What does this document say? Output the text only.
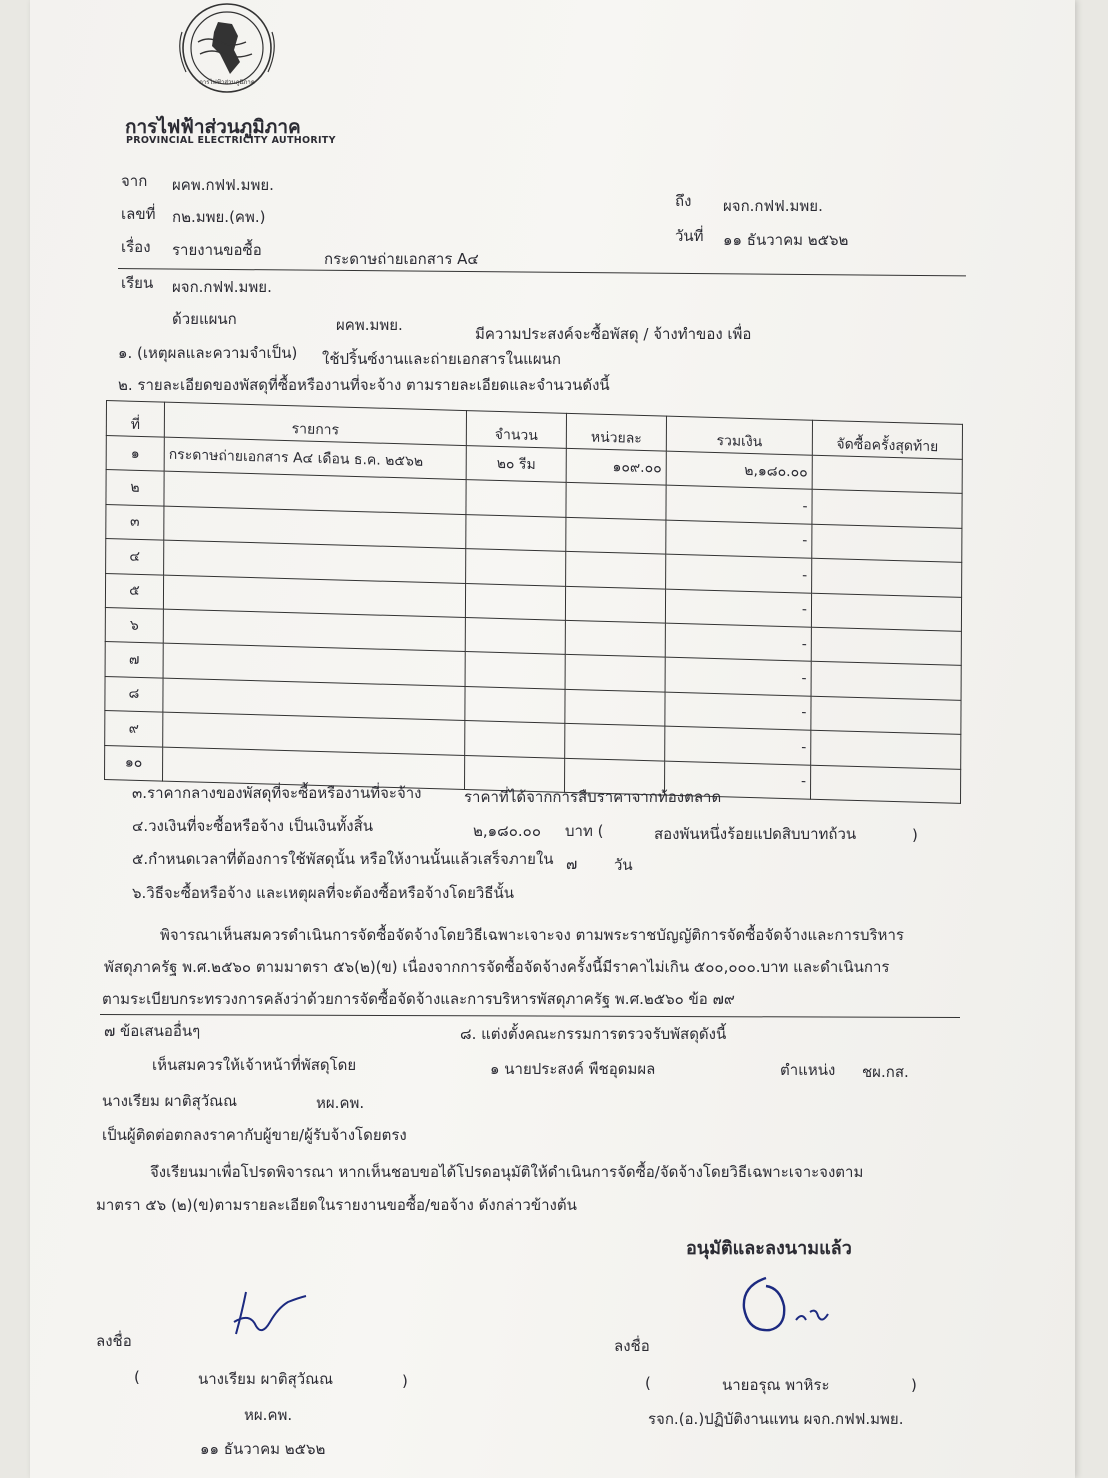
การไฟฟ้าส่วนภูมิภาค
การไฟฟ้าส่วนภูมิภาค
PROVINCIAL ELECTRICITY AUTHORITY
จาก ผคพ.กฟฟ.มพย.
เลขที่ ก๒.มพย.(คพ.)
เรื่อง รายงานขอซื้อ	กระดาษถ่ายเอกสาร A๔
ถึง ผจก.กฟฟ.มพย.
วันที่ ๑๑ ธันวาคม ๒๕๖๒
เรียน ผจก.กฟฟ.มพย.
ด้วยแผนก	ผคพ.มพย.	มีความประสงค์จะซื้อพัสดุ / จ้างทำของ เพื่อ
๑. (เหตุผลและความจำเป็น) ใช้ปริ้นซ์งานและถ่ายเอกสารในแผนก
๒. รายละเอียดของพัสดุที่ซื้อหรืองานที่จะจ้าง ตามรายละเอียดและจำนวนดังนี้
ที่	รายการ	จำนวน	หน่วยละ	รวมเงิน	จัดซื้อครั้งสุดท้าย
๑	กระดาษถ่ายเอกสาร A๔ เดือน ธ.ค. ๒๕๖๒	๒๐ รีม	๑๐๙.๐๐	๒,๑๘๐.๐๐	
๒				-	
๓				-	
๔				-	
๕				-	
๖				-	
๗				-	
๘				-	
๙				-	
๑๐				-	
๓.ราคากลางของพัสดุที่จะซื้อหรืองานที่จะจ้าง	ราคาที่ได้จากการสืบราคาจากท้องตลาด
๔.วงเงินที่จะซื้อหรือจ้าง เป็นเงินทั้งสิ้น	๒,๑๘๐.๐๐ บาท (	สองพันหนึ่งร้อยแปดสิบบาทถ้วน	)
๕.กำหนดเวลาที่ต้องการใช้พัสดุนั้น หรือให้งานนั้นแล้วเสร็จภายใน ๗ วัน
๖.วิธีจะซื้อหรือจ้าง และเหตุผลที่จะต้องซื้อหรือจ้างโดยวิธีนั้น
พิจารณาเห็นสมควรดำเนินการจัดซื้อจัดจ้างโดยวิธีเฉพาะเจาะจง ตามพระราชบัญญัติการจัดซื้อจัดจ้างและการบริหาร
พัสดุภาครัฐ พ.ศ.๒๕๖๐ ตามมาตรา ๕๖(๒)(ข) เนื่องจากการจัดซื้อจัดจ้างครั้งนี้มีราคาไม่เกิน ๕๐๐,๐๐๐.บาท และดำเนินการ
ตามระเบียบกระทรวงการคลังว่าด้วยการจัดซื้อจัดจ้างและการบริหารพัสดุภาครัฐ พ.ศ.๒๕๖๐ ข้อ ๗๙
๗ ข้อเสนออื่นๆ
เห็นสมควรให้เจ้าหน้าที่พัสดุโดย
นางเรียม ผาติสุวัณณ	หผ.คพ.
เป็นผู้ติดต่อตกลงราคากับผู้ขาย/ผู้รับจ้างโดยตรง
๘. แต่งตั้งคณะกรรมการตรวจรับพัสดุดังนี้
๑ นายประสงค์ พืชอุดมผล	ตำแหน่ง ชผ.กส.
จึงเรียนมาเพื่อโปรดพิจารณา หากเห็นชอบขอได้โปรดอนุมัติให้ดำเนินการจัดซื้อ/จัดจ้างโดยวิธีเฉพาะเจาะจงตาม
มาตรา ๕๖ (๒)(ข)ตามรายละเอียดในรายงานขอซื้อ/ขอจ้าง ดังกล่าวข้างต้น
อนุมัติและลงนามแล้ว
ลงชื่อ
(	นางเรียม ผาติสุวัณณ	)
หผ.คพ.
๑๑ ธันวาคม ๒๕๖๒
ลงชื่อ
(	นายอรุณ พาหิระ	)
รจก.(อ.)ปฏิบัติงานแทน ผจก.กฟฟ.มพย.
